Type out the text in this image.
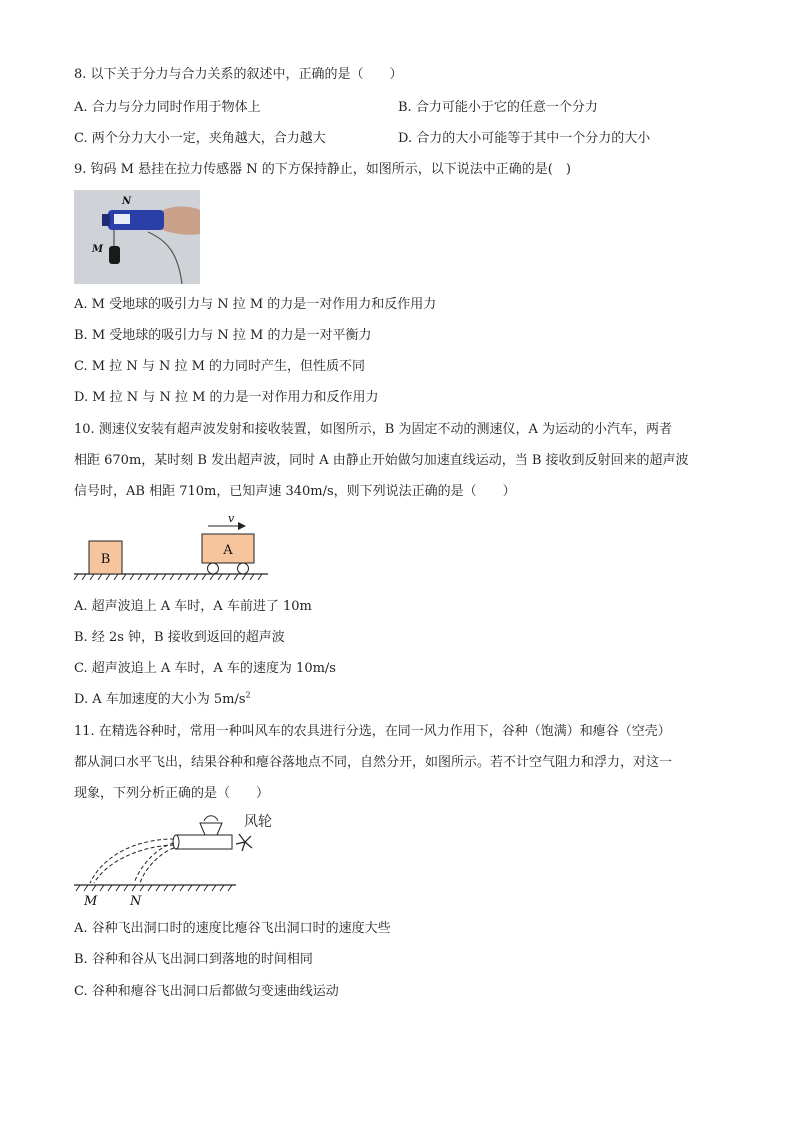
8. 以下关于分力与合力关系的叙述中，正确的是（　　）
A. 合力与分力同时作用于物体上	B. 合力可能小于它的任意一个分力
C. 两个分力大小一定，夹角越大，合力越大	D. 合力的大小可能等于其中一个分力的大小
9. 钩码 M 悬挂在拉力传感器 N 的下方保持静止，如图所示，以下说法中正确的是(　)
N
M
A. M 受地球的吸引力与 N 拉 M 的力是一对作用力和反作用力
B. M 受地球的吸引力与 N 拉 M 的力是一对平衡力
C. M 拉 N 与 N 拉 M 的力同时产生，但性质不同
D. M 拉 N 与 N 拉 M 的力是一对作用力和反作用力
10. 测速仪安装有超声波发射和接收装置，如图所示，B 为固定不动的测速仪，A 为运动的小汽车，两者
相距 670m，某时刻 B 发出超声波，同时 A 由静止开始做匀加速直线运动，当 B 接收到反射回来的超声波
信号时，AB 相距 710m，已知声速 340m/s，则下列说法正确的是（　　）
B
A
v
A. 超声波追上 A 车时，A 车前进了 10m
B. 经 2s 钟，B 接收到返回的超声波
C. 超声波追上 A 车时，A 车的速度为 10m/s
D. A 车加速度的大小为 $5m/s^2$
11. 在精选谷种时，常用一种叫风车的农具进行分选，在同一风力作用下，谷种（饱满）和瘪谷（空壳）
都从洞口水平飞出，结果谷种和瘪谷落地点不同，自然分开，如图所示。若不计空气阻力和浮力，对这一
现象，下列分析正确的是（　　）
风轮
M	N
A. 谷种飞出洞口时的速度比瘪谷飞出洞口时的速度大些
B. 谷种和谷从飞出洞口到落地的时间相同
C. 谷种和瘪谷飞出洞口后都做匀变速曲线运动
